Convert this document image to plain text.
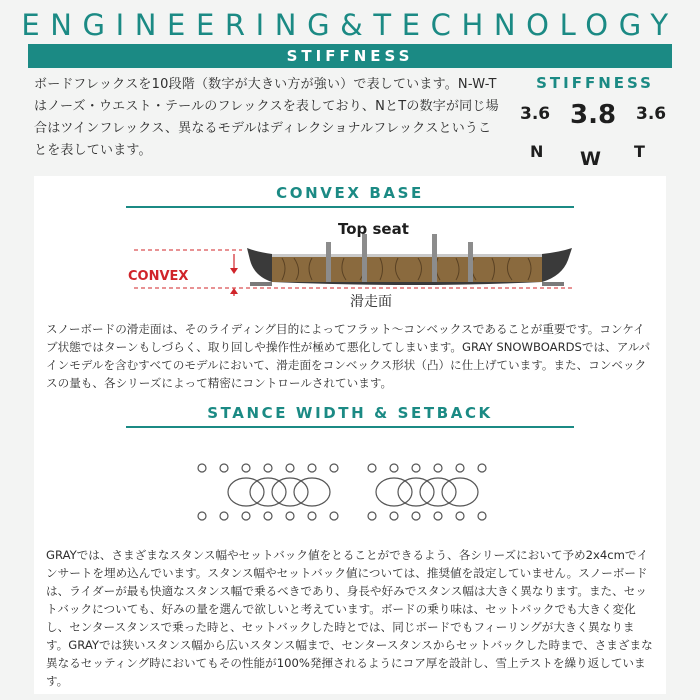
ENGINEERING&TECHNOLOGY
STIFFNESS
ボードフレックスを10段階（数字が大きい方が強い）で表しています。N-W-Tはノーズ・ウエスト・テールのフレックスを表しており、NとTの数字が同じ場合はツインフレックス、異なるモデルはディレクショナルフレックスということを表しています。
STIFFNESS
3.6 3.8 3.6
N W T
CONVEX BASE
Top seat
CONVEX
滑走面
スノーボードの滑走面は、そのライディング目的によってフラット〜コンベックスであることが重要です。コンケイブ状態ではターンもしづらく、取り回しや操作性が極めて悪化してしまいます。GRAY SNOWBOARDSでは、アルパインモデルを含むすべてのモデルにおいて、滑走面をコンベックス形状（凸）に仕上げています。また、コンベックスの量も、各シリーズによって精密にコントロールされています。
STANCE WIDTH & SETBACK
GRAYでは、さまざまなスタンス幅やセットバック値をとることができるよう、各シリーズにおいて予め2x4cmでインサートを埋め込んでいます。スタンス幅やセットバック値については、推奨値を設定していません。スノーボードは、ライダーが最も快適なスタンス幅で乗るべきであり、身長や好みでスタンス幅は大きく異なります。また、セットバックについても、好みの量を選んで欲しいと考えています。ボードの乗り味は、セットバックでも大きく変化し、センタースタンスで乗った時と、セットバックした時とでは、同じボードでもフィーリングが大きく異なります。GRAYでは狭いスタンス幅から広いスタンス幅まで、センタースタンスからセットバックした時まで、さまざまな異なるセッティング時においてもその性能が100%発揮されるようにコア厚を設計し、雪上テストを繰り返しています。
